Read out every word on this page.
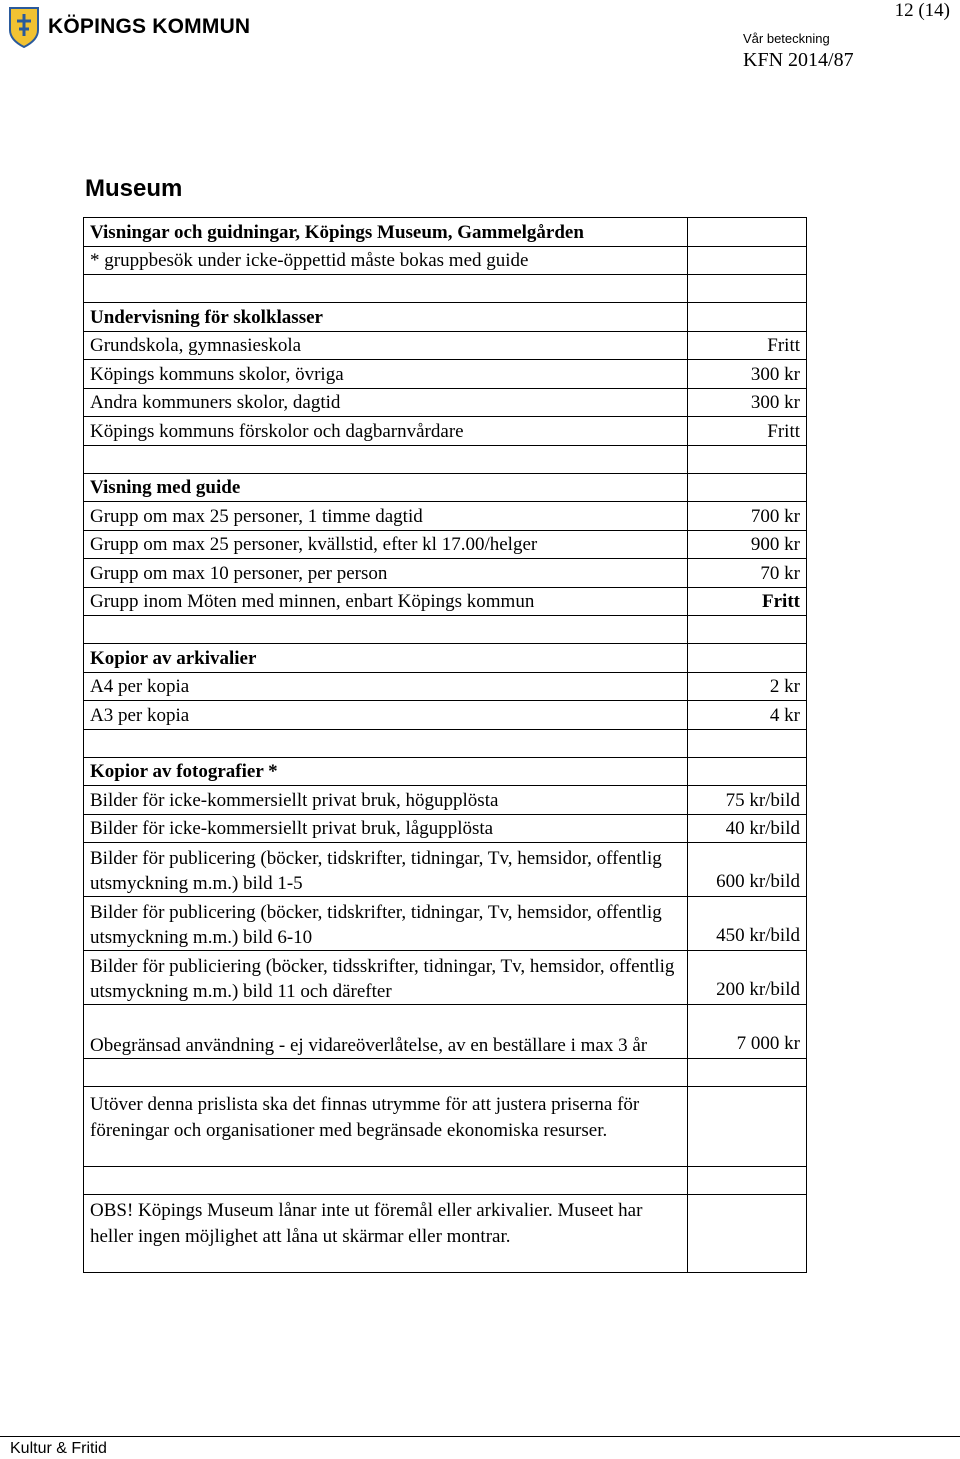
KÖPINGS KOMMUN
12 (14)
Vår beteckning
KFN 2014/87
Museum
Visningar och guidningar, Köpings Museum, Gammelgården	
* gruppbesök under icke-öppettid måste bokas med guide	

Undervisning för skolklasser	
Grundskola, gymnasieskola	Fritt
Köpings kommuns skolor, övriga	300 kr
Andra kommuners skolor, dagtid	300 kr
Köpings kommuns förskolor och dagbarnvårdare	Fritt

Visning med guide	
Grupp om max 25 personer, 1 timme dagtid	700 kr
Grupp om max 25 personer, kvällstid, efter kl 17.00/helger	900 kr
Grupp om max 10 personer, per person	70 kr
Grupp inom Möten med minnen, enbart Köpings kommun	Fritt

Kopior av arkivalier	
A4 per kopia	2 kr
A3 per kopia	4 kr

Kopior av fotografier *	
Bilder för icke-kommersiellt privat bruk, högupplösta	75 kr/bild
Bilder för icke-kommersiellt privat bruk, lågupplösta	40 kr/bild
Bilder för publicering (böcker, tidskrifter, tidningar, Tv, hemsidor, offentlig utsmyckning m.m.) bild 1-5	600 kr/bild
Bilder för publicering (böcker, tidskrifter, tidningar, Tv, hemsidor, offentlig utsmyckning m.m.) bild 6-10	450 kr/bild
Bilder för publiciering (böcker, tidsskrifter, tidningar, Tv, hemsidor, offentlig utsmyckning m.m.) bild 11 och därefter	200 kr/bild
Obegränsad användning - ej vidareöverlåtelse, av en beställare i max 3 år	7 000 kr

Utöver denna prislista ska det finnas utrymme för att justera priserna för föreningar och organisationer med begränsade ekonomiska resurser.	

OBS! Köpings Museum lånar inte ut föremål eller arkivalier. Museet har heller ingen möjlighet att låna ut skärmar eller montrar.	
Kultur & Fritid
